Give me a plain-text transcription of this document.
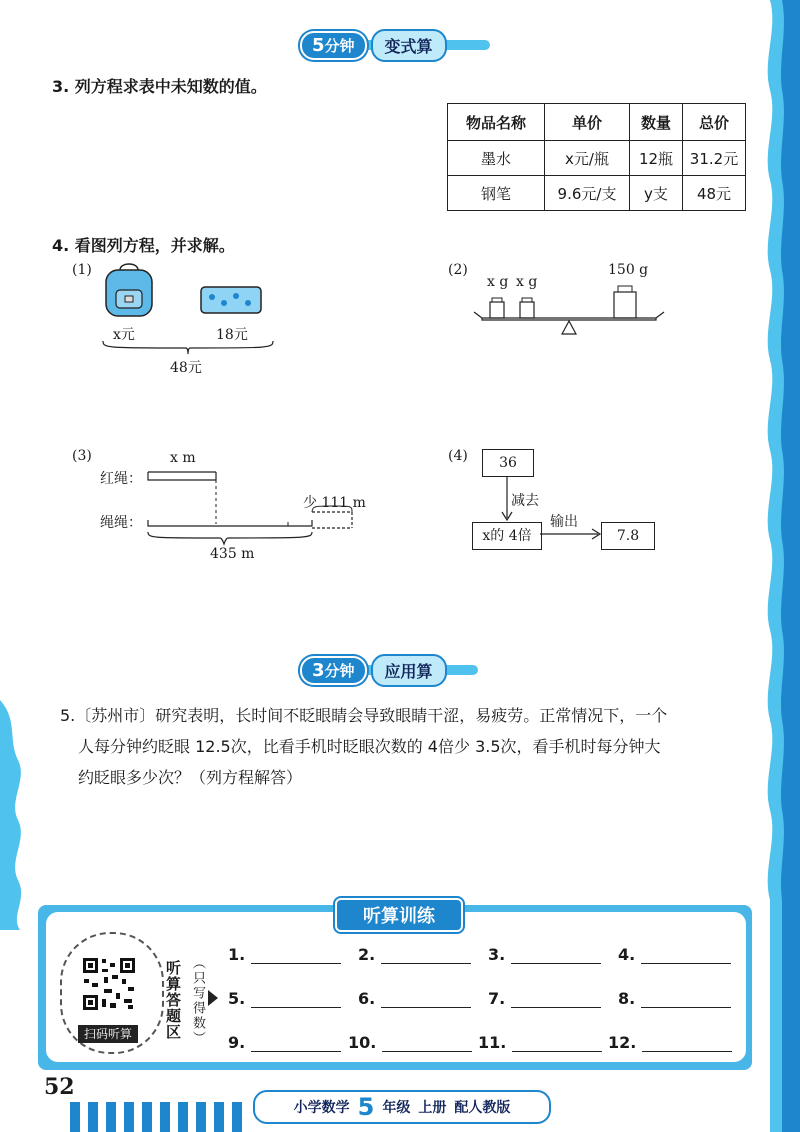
5分钟	变式算
3. 列方程求表中未知数的值。
物品名称	单价	数量	总价
墨水	x元/瓶	12瓶	31.2元
钢笔	9.6元/支	y支	48元
4. 看图列方程，并求解。
(1)
x元	18元
48元
(2)
x g x g
150 g
(3)	x m
红绳：
少 111 m
绳绳：
435 m
(4)	36
减去
x的 4倍
输出
7.8
3分钟	应用算
5.〔苏州市〕研究表明，长时间不眨眼睛会导致眼睛干涩，易疲劳。正常情况下，一个
人每分钟约眨眼 12.5次，比看手机时眨眼次数的 4倍少 3.5次，看手机时每分钟大
约眨眼多少次？（列方程解答）
听算训练
扫码听算	听算答题区 （只写得数）
1.	2.	3.	4.
5.	6.	7.	8.
9.	10.	11.	12.
52
小学数学 5 年级 上册 配人教版
